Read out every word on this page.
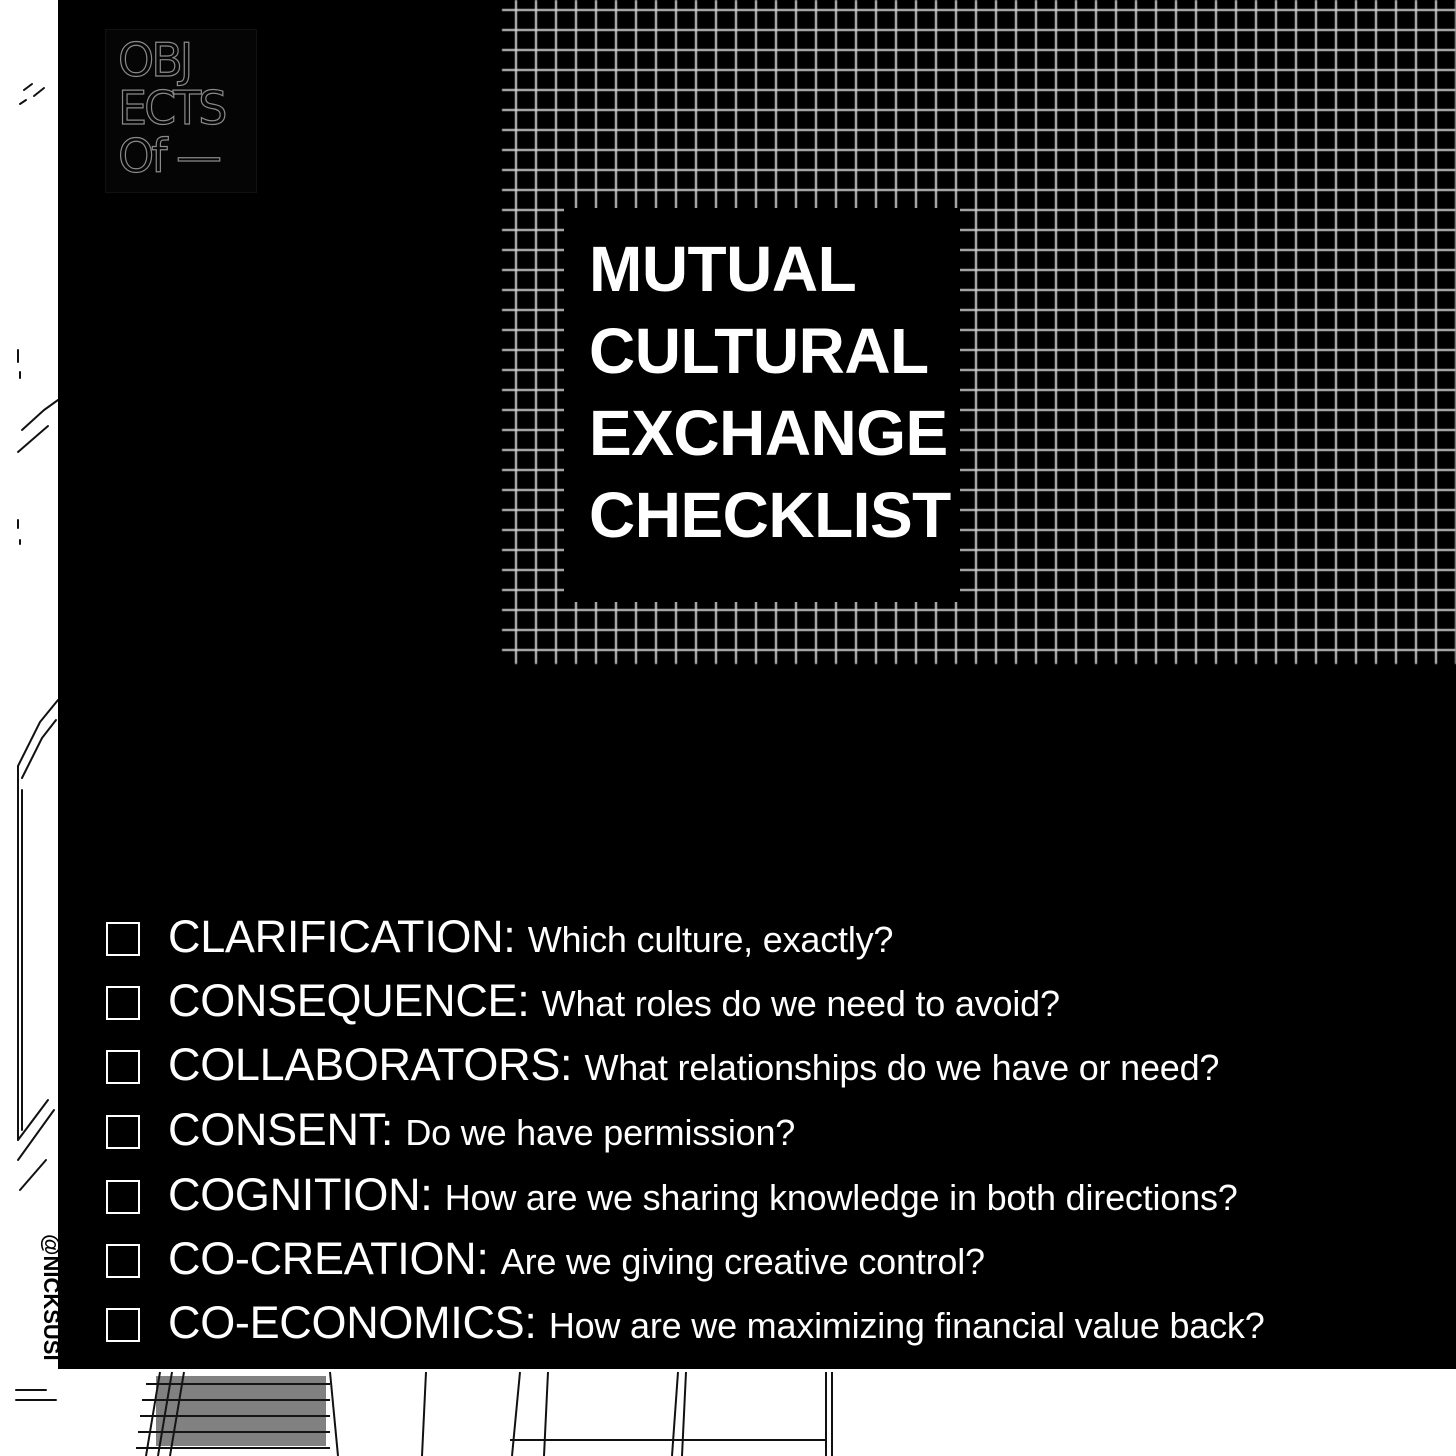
OBJ
ECTS
Of —
MUTUAL
CULTURAL
EXCHANGE
CHECKLIST
CLARIFICATION: Which culture, exactly?
CONSEQUENCE: What roles do we need to avoid?
COLLABORATORS: What relationships do we have or need?
CONSENT: Do we have permission?
COGNITION: How are we sharing knowledge in both directions?
CO-CREATION: Are we giving creative control?
CO-ECONOMICS: How are we maximizing financial value back?
@NICKSUSI
